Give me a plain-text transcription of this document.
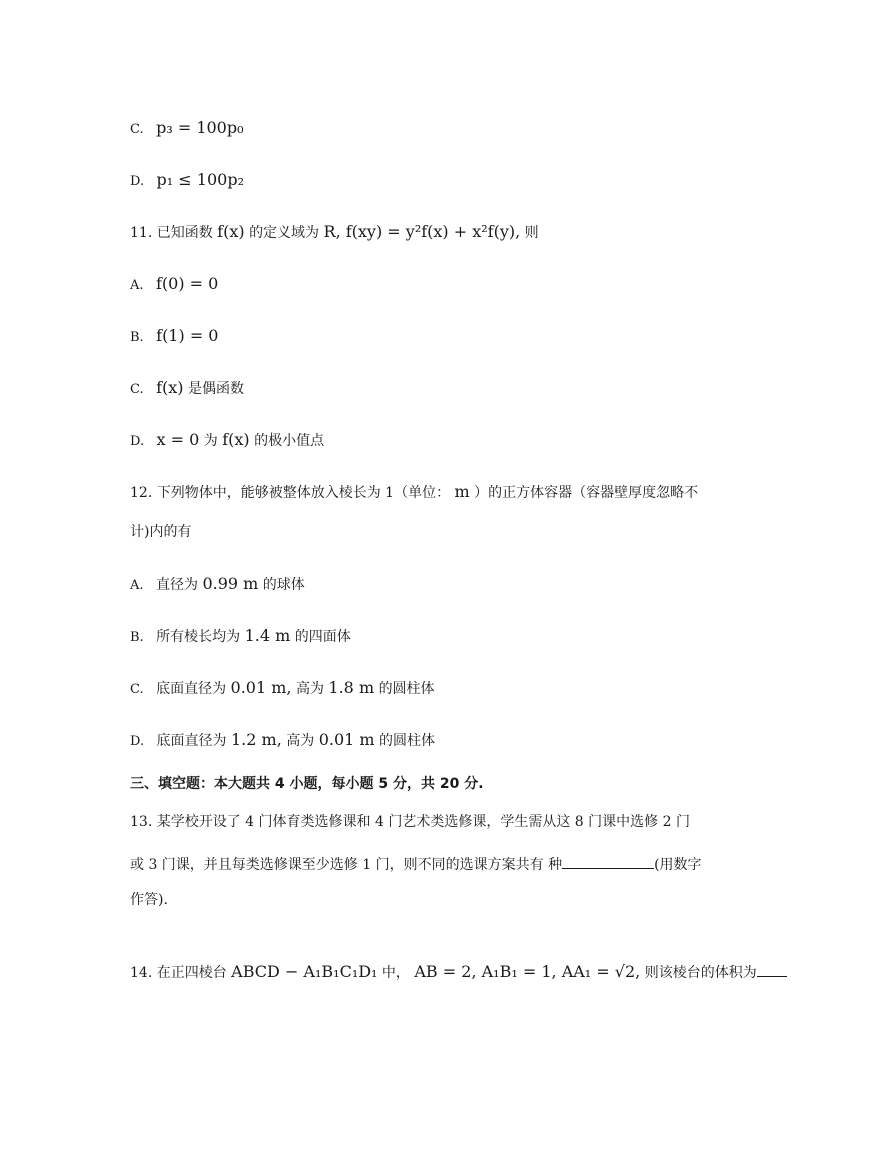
C. p₃ = 100p₀
D. p₁ ≤ 100p₂
11. 已知函数 f(x) 的定义域为 R, f(xy) = y²f(x) + x²f(y), 则
A. f(0) = 0
B. f(1) = 0
C. f(x) 是偶函数
D. x = 0 为 f(x) 的极小值点
12. 下列物体中，能够被整体放入棱长为 1（单位： m ）的正方体容器（容器壁厚度忽略不
计)内的有
A. 直径为 0.99 m 的球体
B. 所有棱长均为 1.4 m 的四面体
C. 底面直径为 0.01 m, 高为 1.8 m 的圆柱体
D. 底面直径为 1.2 m, 高为 0.01 m 的圆柱体
三、填空题：本大题共 4 小题，每小题 5 分，共 20 分.
13. 某学校开设了 4 门体育类选修课和 4 门艺术类选修课，学生需从这 8 门课中选修 2 门
或 3 门课，并且每类选修课至少选修 1 门，则不同的选课方案共有 种	(用数字
作答).
14. 在正四棱台 ABCD − A₁B₁C₁D₁ 中， AB = 2, A₁B₁ = 1, AA₁ = √2, 则该棱台的体积为
